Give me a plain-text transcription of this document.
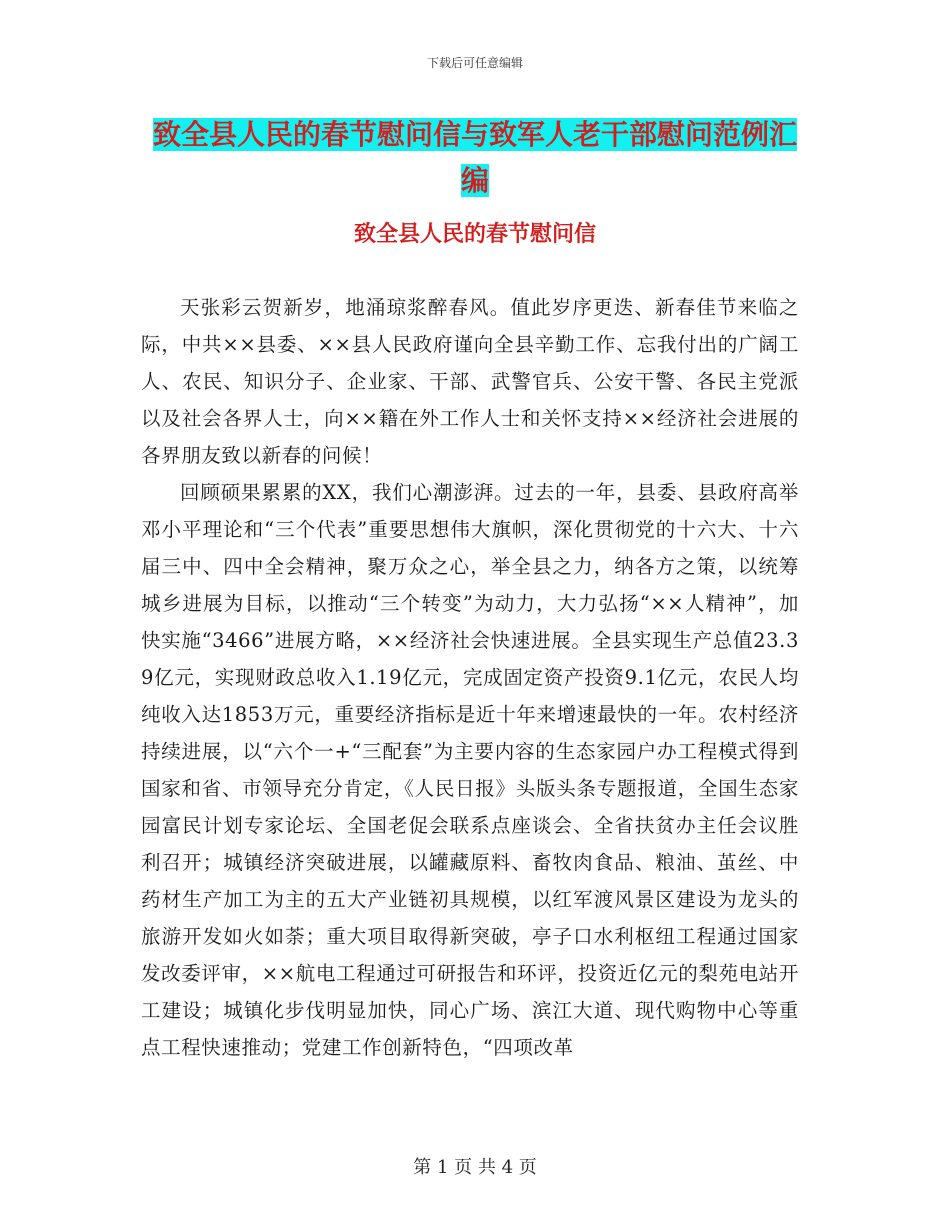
下载后可任意编辑
致全县人民的春节慰问信与致军人老干部慰问范例汇编
致全县人民的春节慰问信

天张彩云贺新岁，地涌琼浆醉春风。值此岁序更迭、新春佳节来临之际，中共××县委、××县人民政府谨向全县辛勤工作、忘我付出的广阔工人、农民、知识分子、企业家、干部、武警官兵、公安干警、各民主党派以及社会各界人士，向××籍在外工作人士和关怀支持××经济社会进展的各界朋友致以新春的问候！

回顾硕果累累的XX，我们心潮澎湃。过去的一年，县委、县政府高举邓小平理论和“三个代表”重要思想伟大旗帜，深化贯彻党的十六大、十六届三中、四中全会精神，聚万众之心，举全县之力，纳各方之策，以统筹城乡进展为目标，以推动“三个转变”为动力，大力弘扬“××人精神”，加快实施“3466”进展方略，××经济社会快速进展。全县实现生产总值23.39亿元，实现财政总收入1.19亿元，完成固定资产投资9.1亿元，农民人均纯收入达1853万元，重要经济指标是近十年来增速最快的一年。农村经济持续进展，以“六个一+“三配套”为主要内容的生态家园户办工程模式得到国家和省、市领导充分肯定，《人民日报》头版头条专题报道，全国生态家园富民计划专家论坛、全国老促会联系点座谈会、全省扶贫办主任会议胜利召开；城镇经济突破进展，以罐藏原料、畜牧肉食品、粮油、茧丝、中药材生产加工为主的五大产业链初具规模，以红军渡风景区建设为龙头的旅游开发如火如荼；重大项目取得新突破，亭子口水利枢纽工程通过国家发改委评审，××航电工程通过可研报告和环评，投资近亿元的梨苑电站开工建设；城镇化步伐明显加快，同心广场、滨江大道、现代购物中心等重点工程快速推动；党建工作创新特色，“四项改革

第 1 页 共 4 页
